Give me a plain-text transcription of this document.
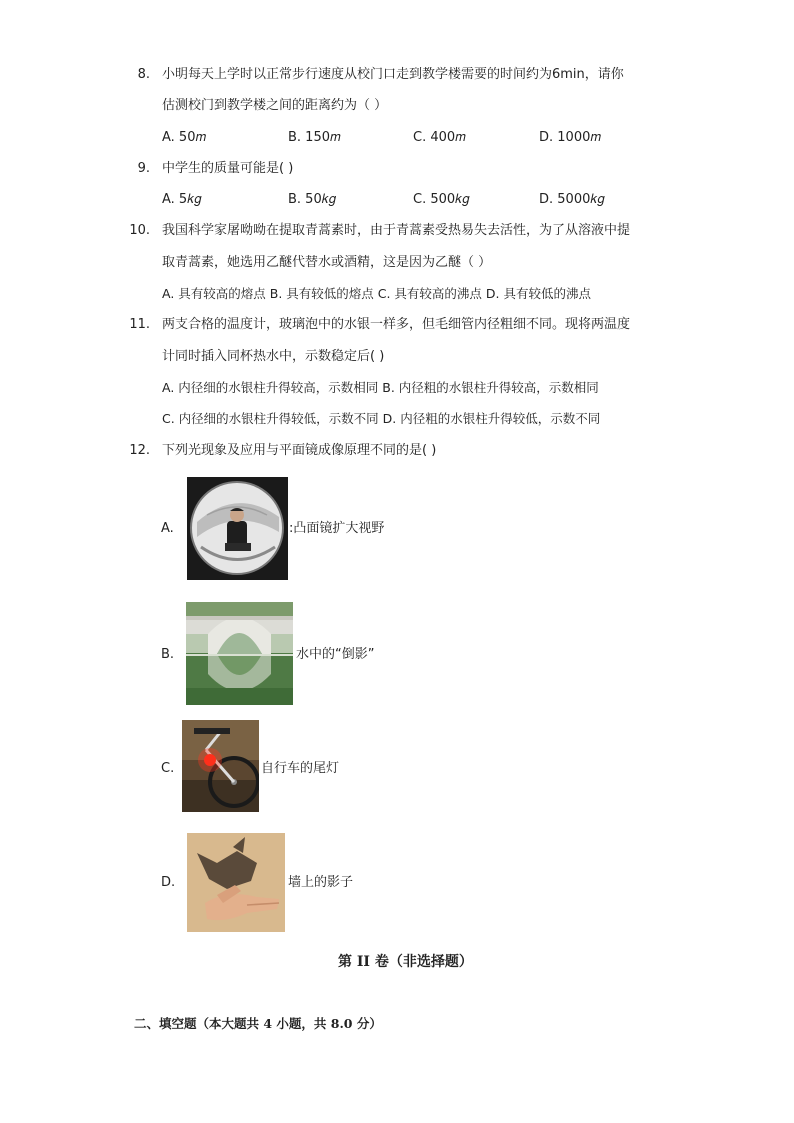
8. 小明每天上学时以正常步行速度从校门口走到教学楼需要的时间约为6min，请你
估测校门到教学楼之间的距离约为（ ）
A. 50𝑚	B. 150𝑚	C. 400𝑚	D. 1000𝑚
9. 中学生的质量可能是( )
A. 5𝑘𝑔	B. 50𝑘𝑔	C. 500𝑘𝑔	D. 5000𝑘𝑔
10. 我国科学家屠呦呦在提取青蒿素时，由于青蒿素受热易失去活性，为了从溶液中提
取青蒿素，她选用乙醚代替水或酒精，这是因为乙醚（ ）
A. 具有较高的熔点 B. 具有较低的熔点 C. 具有较高的沸点 D. 具有较低的沸点
11. 两支合格的温度计，玻璃泡中的水银一样多，但毛细管内径粗细不同。现将两温度
计同时插入同杯热水中，示数稳定后( )
A. 内径细的水银柱升得较高，示数相同 B. 内径粗的水银柱升得较高，示数相同
C. 内径细的水银柱升得较低，示数不同 D. 内径粗的水银柱升得较低，示数不同
12. 下列光现象及应用与平面镜成像原理不同的是( )
A.	:凸面镜扩大视野
B.	水中的“倒影”
C.	自行车的尾灯
D.	墙上的影子
第 II 卷（非选择题）
二、填空题（本大题共 4 小题，共 8.0 分）
